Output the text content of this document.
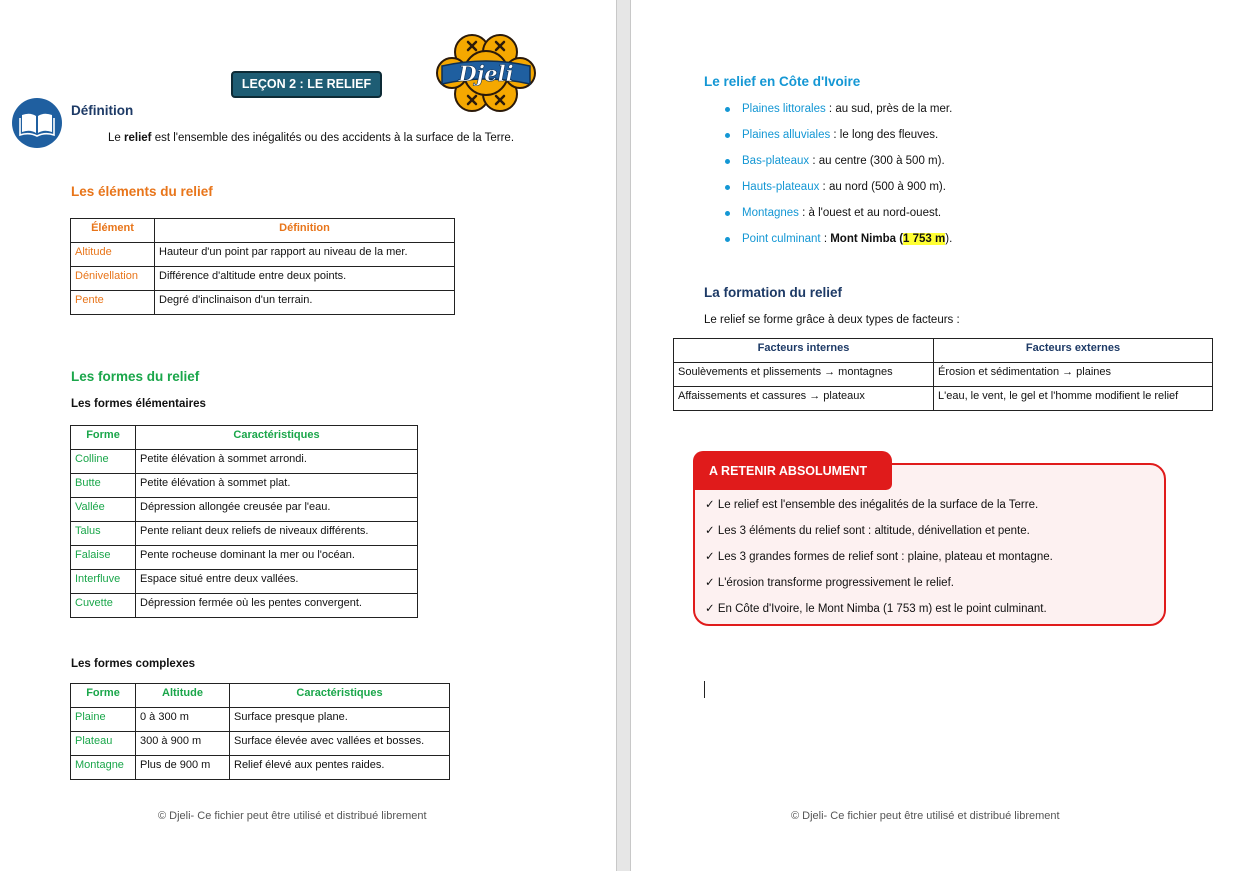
LEÇON 2 : LE RELIEF	Djeli
Définition
Le relief est l'ensemble des inégalités ou des accidents à la surface de la Terre.
Les éléments du relief
Élément	Définition
Altitude	Hauteur d'un point par rapport au niveau de la mer.
Dénivellation	Différence d'altitude entre deux points.
Pente	Degré d'inclinaison d'un terrain.
Les formes du relief
Les formes élémentaires
Forme	Caractéristiques
Colline	Petite élévation à sommet arrondi.
Butte	Petite élévation à sommet plat.
Vallée	Dépression allongée creusée par l'eau.
Talus	Pente reliant deux reliefs de niveaux différents.
Falaise	Pente rocheuse dominant la mer ou l'océan.
Interfluve	Espace situé entre deux vallées.
Cuvette	Dépression fermée où les pentes convergent.
Les formes complexes
Forme	Altitude	Caractéristiques
Plaine	0 à 300 m	Surface presque plane.
Plateau	300 à 900 m	Surface élevée avec vallées et bosses.
Montagne	Plus de 900 m	Relief élevé aux pentes raides.
© Djeli- Ce fichier peut être utilisé et distribué librement
Le relief en Côte d'Ivoire
Plaines littorales : au sud, près de la mer.
Plaines alluviales : le long des fleuves.
Bas-plateaux : au centre (300 à 500 m).
Hauts-plateaux : au nord (500 à 900 m).
Montagnes : à l'ouest et au nord-ouest.
Point culminant : Mont Nimba (1 753 m).
La formation du relief
Le relief se forme grâce à deux types de facteurs :
Facteurs internes	Facteurs externes
Soulèvements et plissements → montagnes	Érosion et sédimentation → plaines
Affaissements et cassures → plateaux	L'eau, le vent, le gel et l'homme modifient le relief
A RETENIR ABSOLUMENT
✓ Le relief est l'ensemble des inégalités de la surface de la Terre.
✓ Les 3 éléments du relief sont : altitude, dénivellation et pente.
✓ Les 3 grandes formes de relief sont : plaine, plateau et montagne.
✓ L'érosion transforme progressivement le relief.
✓ En Côte d'Ivoire, le Mont Nimba (1 753 m) est le point culminant.
© Djeli- Ce fichier peut être utilisé et distribué librement
